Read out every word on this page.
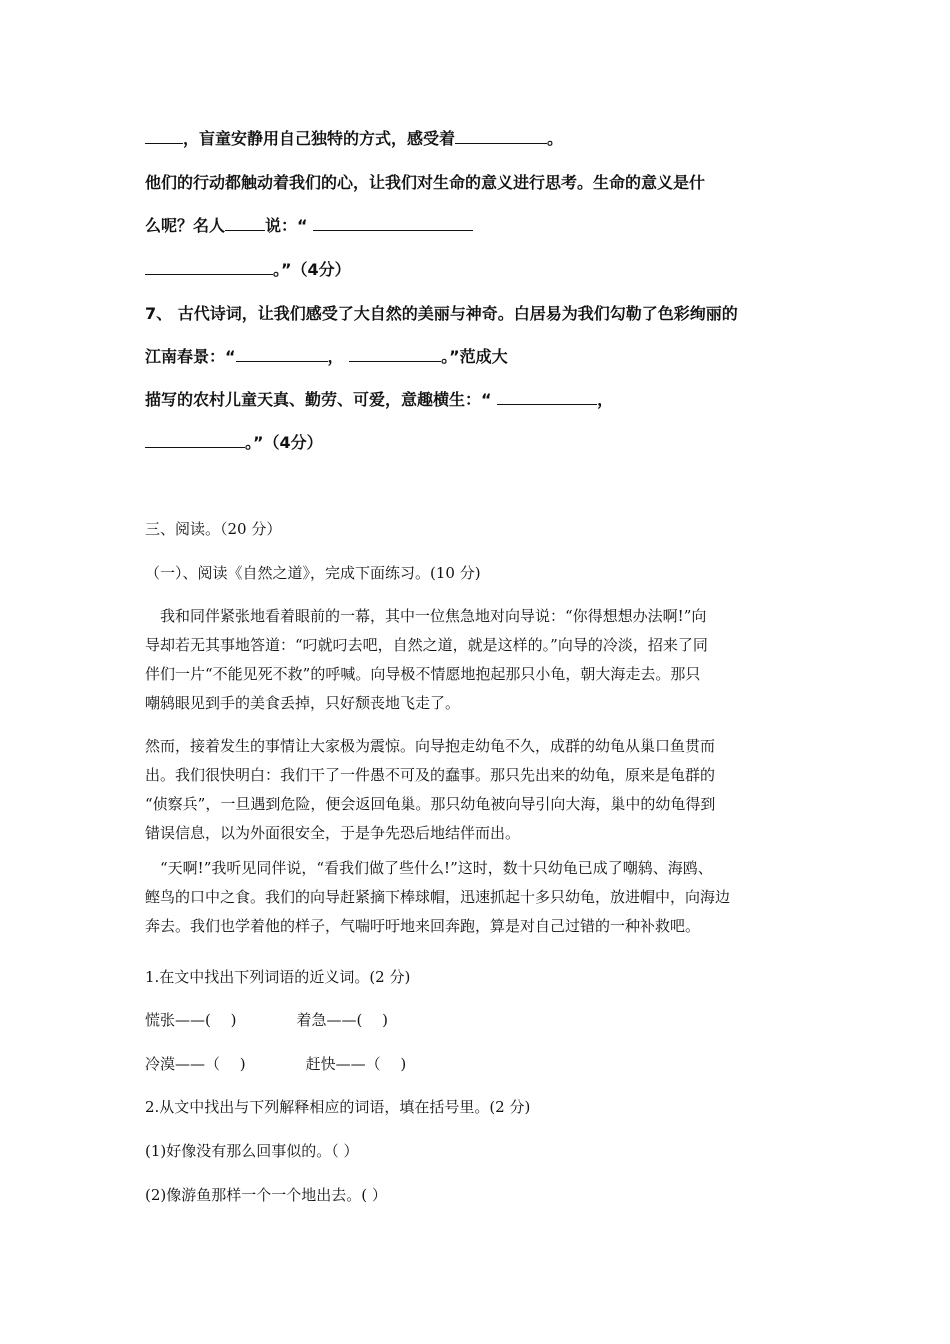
，盲童安静用自己独特的方式，感受着	。
他们的行动都触动着我们的心，让我们对生命的意义进行思考。生命的意义是什
么呢？名人	说：“
。”（4分）
7、 古代诗词，让我们感受了大自然的美丽与神奇。白居易为我们勾勒了色彩绚丽的
江南春景：“	，	。”范成大
描写的农村儿童天真、勤劳、可爱，意趣横生：“	，
。”（4分）
三、阅读。（20 分）
（一）、阅读《自然之道》，完成下面练习。(10 分)
　我和同伴紧张地看着眼前的一幕，其中一位焦急地对向导说：“你得想想办法啊!”向
导却若无其事地答道：“叼就叼去吧，自然之道，就是这样的。”向导的冷淡，招来了同
伴们一片“不能见死不救”的呼喊。向导极不情愿地抱起那只小龟，朝大海走去。那只
嘲鸫眼见到手的美食丢掉，只好颓丧地飞走了。
然而，接着发生的事情让大家极为震惊。向导抱走幼龟不久，成群的幼龟从巢口鱼贯而
出。我们很快明白：我们干了一件愚不可及的蠢事。那只先出来的幼龟，原来是龟群的
“侦察兵”，一旦遇到危险，便会返回龟巢。那只幼龟被向导引向大海，巢中的幼龟得到
错误信息，以为外面很安全，于是争先恐后地结伴而出。
　“天啊!”我听见同伴说，“看我们做了些什么!”这时，数十只幼龟已成了嘲鸫、海鸥、
鲣鸟的口中之食。我们的向导赶紧摘下棒球帽，迅速抓起十多只幼龟，放进帽中，向海边
奔去。我们也学着他的样子，气喘吁吁地来回奔跑，算是对自己过错的一种补救吧。
1.在文中找出下列词语的近义词。(2 分)
慌张——(　 )	着急——(　 )
冷漠——（　 )	赶快——（　 )
2.从文中找出与下列解释相应的词语，填在括号里。(2 分)
(1)好像没有那么回事似的。（ ）
(2)像游鱼那样一个一个地出去。( ）
